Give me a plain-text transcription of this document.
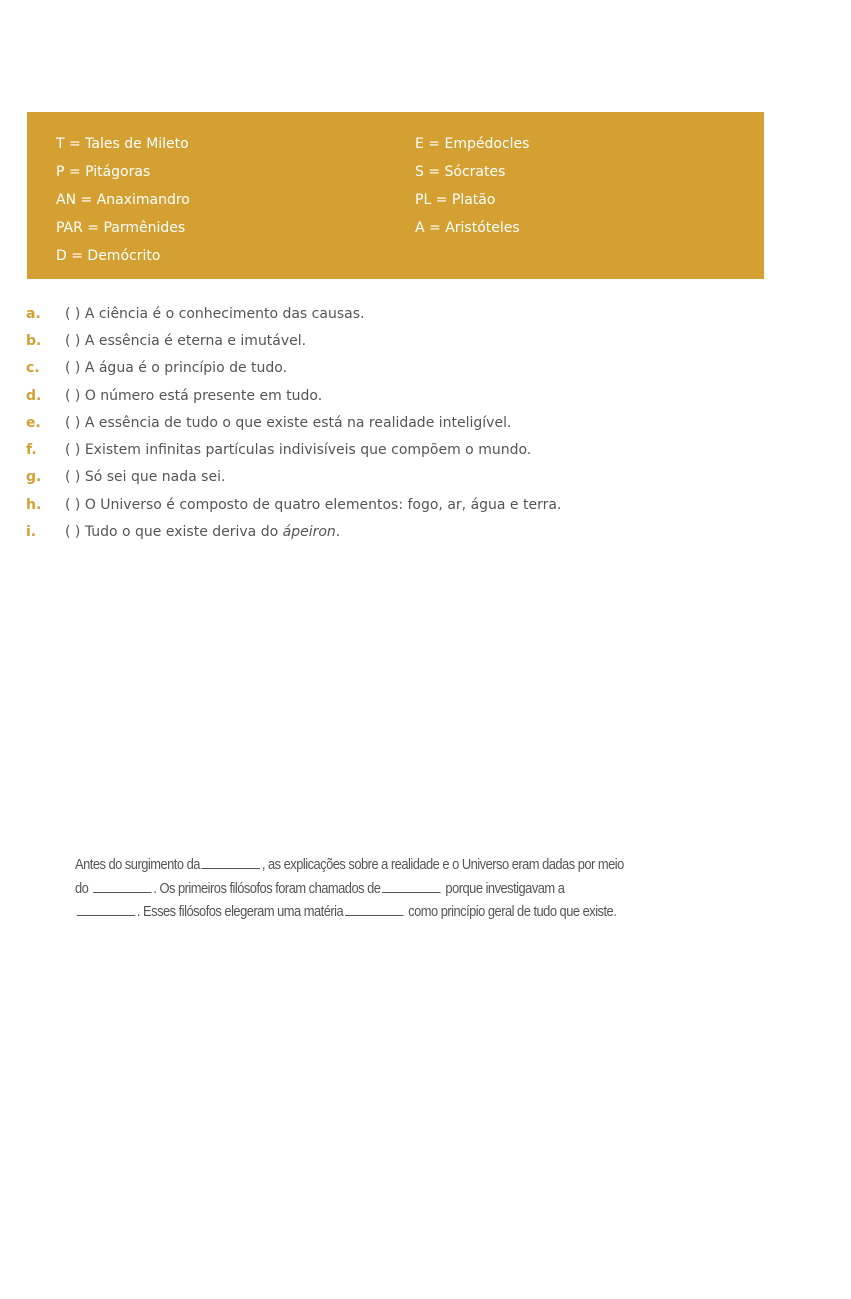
T = Tales de Mileto
P = Pitágoras
AN = Anaximandro
PAR = Parmênides
D = Demócrito
E = Empédocles
S = Sócrates
PL = Platão
A = Aristóteles
a.	( ) A ciência é o conhecimento das causas.
b.	( ) A essência é eterna e imutável.
c.	( ) A água é o princípio de tudo.
d.	( ) O número está presente em tudo.
e.	( ) A essência de tudo o que existe está na realidade inteligível.
f.	( ) Existem infinitas partículas indivisíveis que compõem o mundo.
g.	( ) Só sei que nada sei.
h.	( ) O Universo é composto de quatro elementos: fogo, ar, água e terra.
i.	( ) Tudo o que existe deriva do ápeiron.
Antes do surgimento da	, as explicações sobre a realidade e o Universo eram dadas por meio do	. Os primeiros filósofos foram chamados de	porque investigavam a. Esses filósofos elegeram uma matéria	como princípio geral de tudo que existe.
